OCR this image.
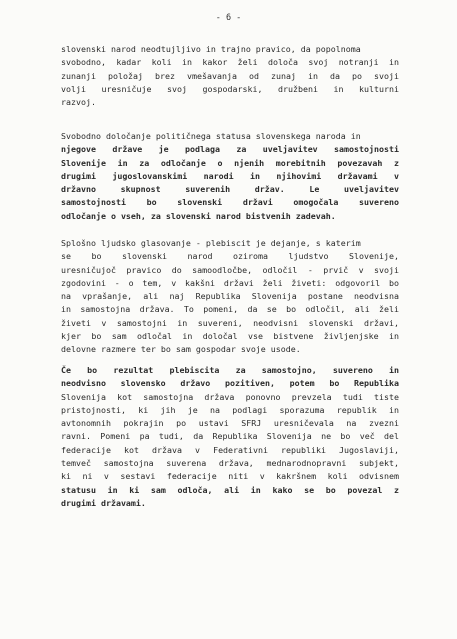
- 6 -
slovenski narod neodtujljivo in trajno pravico, da popolnoma
svobodno, kadar koli in kakor želi določa svoj notranji in
zunanji položaj brez vmešavanja od zunaj in da po svoji
volji uresničuje svoj gospodarski, družbeni in kulturni
razvoj.
Svobodno določanje političnega statusa slovenskega naroda in
njegove države je podlaga za uveljavitev samostojnosti
Slovenije in za odločanje o njenih morebitnih povezavah z
drugimi jugoslovanskimi narodi in njihovimi državami v
državno skupnost suverenih držav. Le uveljavitev
samostojnosti bo slovenski državi omogočala suvereno
odločanje o vseh, za slovenski narod bistvenih zadevah.
Splošno ljudsko glasovanje - plebiscit je dejanje, s katerim
se bo slovenski narod oziroma ljudstvo Slovenije,
uresničujoč pravico do samoodločbe, odločil - prvič v svoji
zgodovini - o tem, v kakšni državi želi živeti: odgovoril bo
na vprašanje, ali naj Republika Slovenija postane neodvisna
in samostojna država. To pomeni, da se bo odločil, ali želi
živeti v samostojni in suvereni, neodvisni slovenski državi,
kjer bo sam odločal in določal vse bistvene življenjske in
delovne razmere ter bo sam gospodar svoje usode.
Če bo rezultat plebiscita za samostojno, suvereno in
neodvisno slovensko državo pozitiven, potem bo Republika
Slovenija kot samostojna država ponovno prevzela tudi tiste
pristojnosti, ki jih je na podlagi sporazuma republik in
avtonomnih pokrajin po ustavi SFRJ uresničevala na zvezni
ravni. Pomeni pa tudi, da Republika Slovenija ne bo več del
federacije kot država v Federativni republiki Jugoslaviji,
temveč samostojna suverena država, mednarodnopravni subjekt,
ki ni v sestavi federacije niti v kakršnem koli odvisnem
statusu in ki sam odloča, ali in kako se bo povezal z
drugimi državami.
